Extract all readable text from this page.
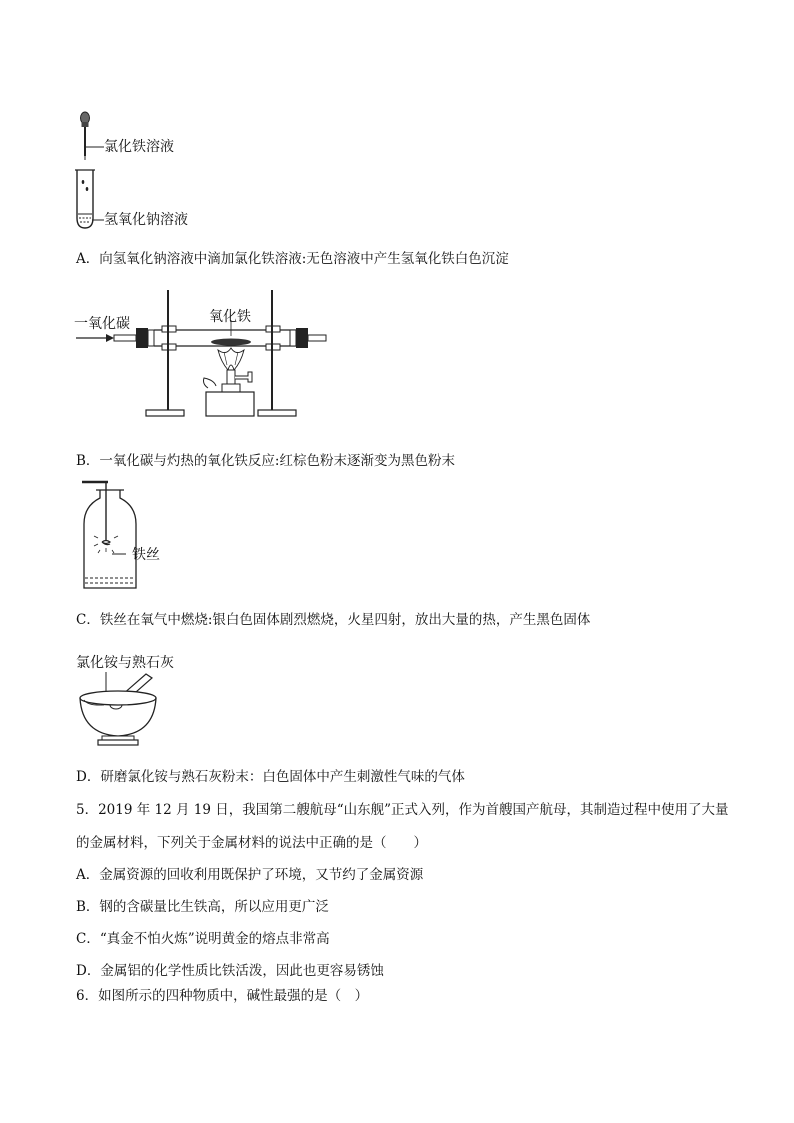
氯化铁溶液
氢氧化钠溶液
A．向氢氧化钠溶液中滴加氯化铁溶液:无色溶液中产生氢氧化铁白色沉淀
一氧化碳	氧化铁
B．一氧化碳与灼热的氧化铁反应:红棕色粉末逐渐变为黑色粉末
铁丝
C．铁丝在氧气中燃烧:银白色固体剧烈燃烧，火星四射，放出大量的热，产生黑色固体
氯化铵与熟石灰
D．研磨氯化铵与熟石灰粉末：白色固体中产生刺激性气味的气体
5．2019 年 12 月 19 日，我国第二艘航母“山东舰”正式入列，作为首艘国产航母，其制造过程中使用了大量
的金属材料，下列关于金属材料的说法中正确的是（　　）
A．金属资源的回收利用既保护了环境，又节约了金属资源
B．钢的含碳量比生铁高，所以应用更广泛
C．“真金不怕火炼”说明黄金的熔点非常高
D．金属铝的化学性质比铁活泼，因此也更容易锈蚀
6．如图所示的四种物质中，碱性最强的是（　）
